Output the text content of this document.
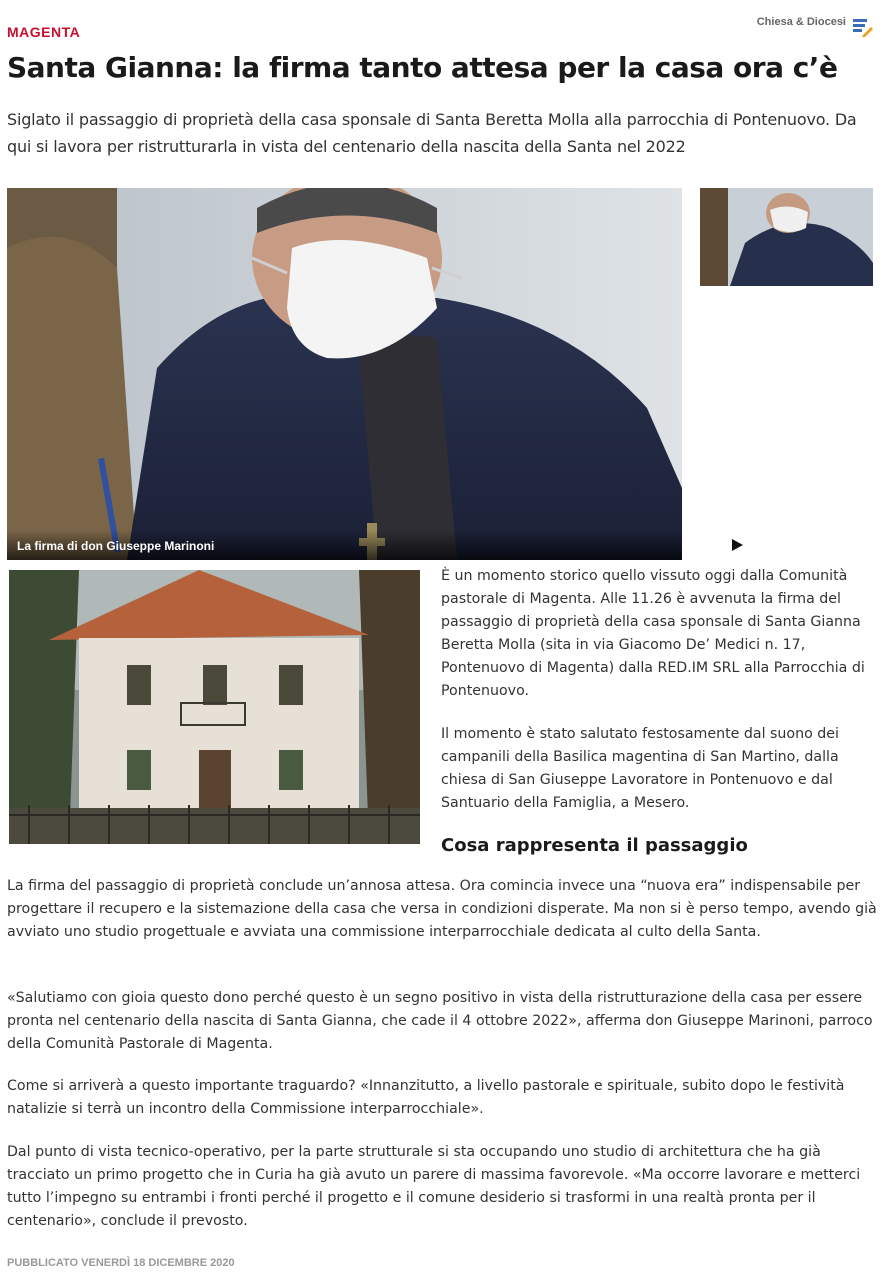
MAGENTA
Chiesa & Diocesi
Santa Gianna: la firma tanto attesa per la casa ora c’è

Siglato il passaggio di proprietà della casa sponsale di Santa Beretta Molla alla parrocchia di Pontenuovo. Da qui si lavora per ristrutturarla in vista del centenario della nascita della Santa nel 2022

La firma di don Giuseppe Marinoni

È un momento storico quello vissuto oggi dalla Comunità pastorale di Magenta. Alle 11.26 è avvenuta la firma del passaggio di proprietà della casa sponsale di Santa Gianna Beretta Molla (sita in via Giacomo De’ Medici n. 17, Pontenuovo di Magenta) dalla RED.IM SRL alla Parrocchia di Pontenuovo.

Il momento è stato salutato festosamente dal suono dei campanili della Basilica magentina di San Martino, dalla chiesa di San Giuseppe Lavoratore in Pontenuovo e dal Santuario della Famiglia, a Mesero.

Cosa rappresenta il passaggio

La firma del passaggio di proprietà conclude un’annosa attesa. Ora comincia invece una “nuova era” indispensabile per progettare il recupero e la sistemazione della casa che versa in condizioni disperate. Ma non si è perso tempo, avendo già avviato uno studio progettuale e avviata una commissione interparrocchiale dedicata al culto della Santa.

«Salutiamo con gioia questo dono perché questo è un segno positivo in vista della ristrutturazione della casa per essere pronta nel centenario della nascita di Santa Gianna, che cade il 4 ottobre 2022», afferma don Giuseppe Marinoni, parroco della Comunità Pastorale di Magenta.

Come si arriverà a questo importante traguardo? «Innanzitutto, a livello pastorale e spirituale, subito dopo le festività natalizie si terrà un incontro della Commissione interparrocchiale».

Dal punto di vista tecnico-operativo, per la parte strutturale si sta occupando uno studio di architettura che ha già tracciato un primo progetto che in Curia ha già avuto un parere di massima favorevole. «Ma occorre lavorare e metterci tutto l’impegno su entrambi i fronti perché il progetto e il comune desiderio si trasformi in una realtà pronta per il centenario», conclude il prevosto.

PUBBLICATO VENERDÌ 18 DICEMBRE 2020
